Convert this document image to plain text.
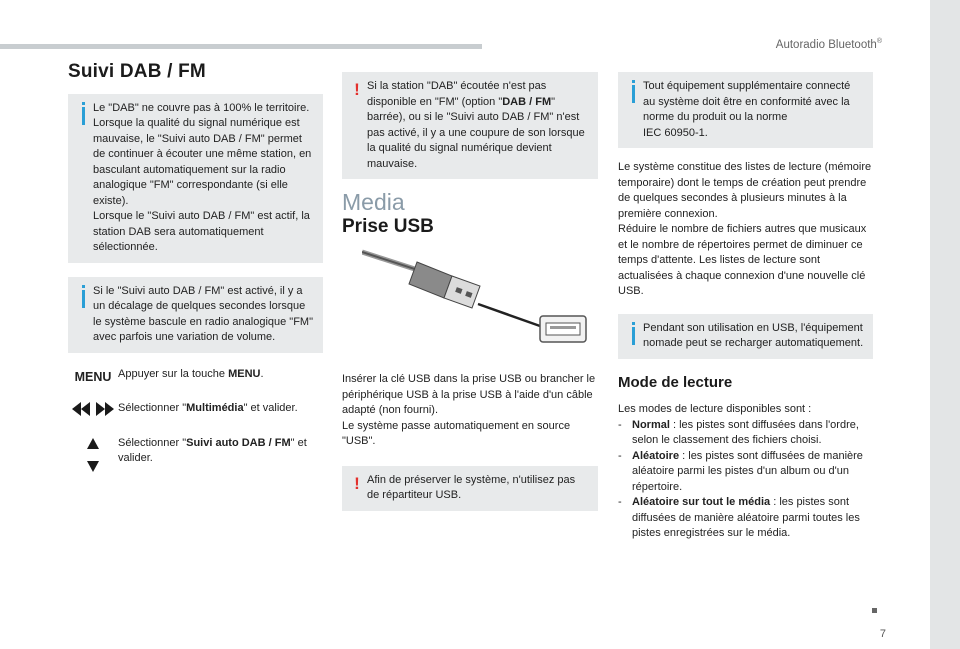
Autoradio Bluetooth®
Suivi DAB / FM

Le "DAB" ne couvre pas à 100% le territoire.
Lorsque la qualité du signal numérique est mauvaise, le "Suivi auto DAB / FM" permet de continuer à écouter une même station, en basculant automatiquement sur la radio analogique "FM" correspondante (si elle existe).
Lorsque le "Suivi auto DAB / FM" est actif, la station DAB sera automatiquement sélectionnée.

Si le "Suivi auto DAB / FM" est activé, il y a un décalage de quelques secondes lorsque le système bascule en radio analogique "FM" avec parfois une variation de volume.

MENU Appuyer sur la touche MENU.
Sélectionner "Multimédia" et valider.
Sélectionner "Suivi auto DAB / FM" et valider.
! Si la station "DAB" écoutée n'est pas disponible en "FM" (option "DAB / FM" barrée), ou si le "Suivi auto DAB / FM" n'est pas activé, il y a une coupure de son lorsque la qualité du signal numérique devient mauvaise.

Media
Prise USB

Insérer la clé USB dans la prise USB ou brancher le périphérique USB à la prise USB à l'aide d'un câble adapté (non fourni).
Le système passe automatiquement en source "USB".

! Afin de préserver le système, n'utilisez pas de répartiteur USB.

Tout équipement supplémentaire connecté au système doit être en conformité avec la norme du produit ou la norme
IEC 60950-1.

Le système constitue des listes de lecture (mémoire temporaire) dont le temps de création peut prendre de quelques secondes à plusieurs minutes à la première connexion.
Réduire le nombre de fichiers autres que musicaux et le nombre de répertoires permet de diminuer ce temps d'attente. Les listes de lecture sont actualisées à chaque connexion d'une nouvelle clé USB.

Pendant son utilisation en USB, l'équipement nomade peut se recharger automatiquement.

Mode de lecture

Les modes de lecture disponibles sont :

- Normal : les pistes sont diffusées dans l'ordre, selon le classement des fichiers choisi.
- Aléatoire : les pistes sont diffusées de manière aléatoire parmi les pistes d'un album ou d'un répertoire.
- Aléatoire sur tout le média : les pistes sont diffusées de manière aléatoire parmi toutes les pistes enregistrées sur le média.
7
